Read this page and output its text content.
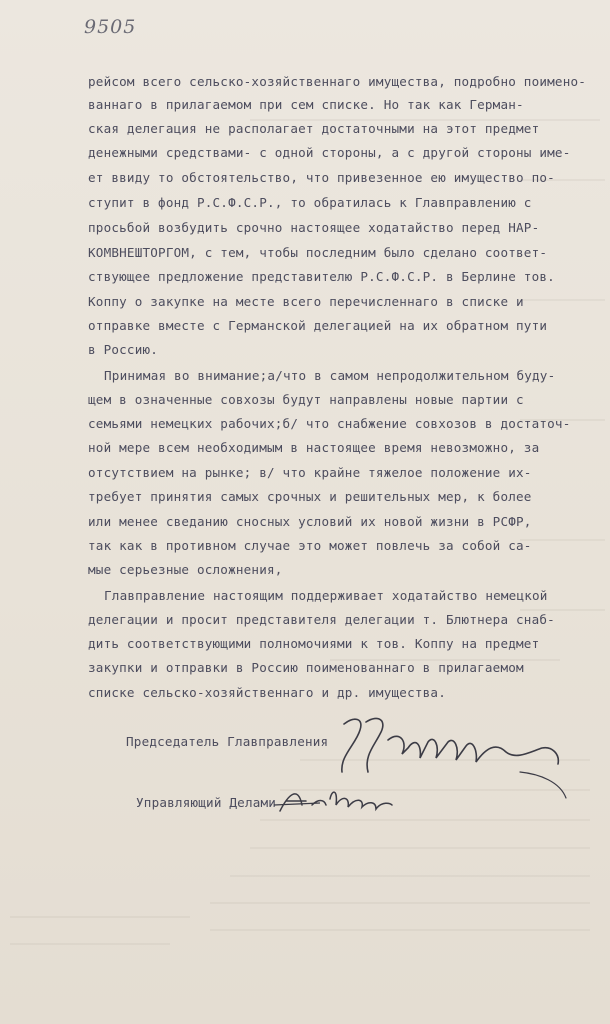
9505
рейсом всего сельско-хозяйственнаго имущества, подробно поимено-
ваннаго в прилагаемом при сем списке. Но так как Герман-
ская делегация не располагает достаточными на этот предмет
денежными средствами- с одной стороны, а с другой стороны име-
ет ввиду то обстоятельство, что привезенное ею имущество по-
ступит в фонд Р.С.Ф.С.Р., то обратилась к Главправлению с
просьбой возбудить срочно настоящее ходатайство перед НАР-
КОМВНЕШТОРГОМ, с тем, чтобы последним было сделано соответ-
ствующее предложение представителю Р.С.Ф.С.Р. в Берлине тов.
Коппу о закупке на месте всего перечисленнаго в списке и
отправке вместе с Германской делегацией на их обратном пути
в Россию.
Принимая во внимание;а/что в самом непродолжительном буду-
щем в означенные совхозы будут направлены новые партии с
семьями немецких рабочих;б/ что снабжение совхозов в достаточ-
ной мере всем необходимым в настоящее время невозможно, за
отсутствием на рынке; в/ что крайне тяжелое положение их-
требует принятия самых срочных и решительных мер, к более
или менее сведанию сносных условий их новой жизни в РСФР,
так как в противном случае это может повлечь за собой са-
мые серьезные осложнения,
Главправление настоящим поддерживает ходатайство немецкой
делегации и просит представителя делегации т. Блютнера снаб-
дить соответствующими полномочиями к тов. Коппу на предмет
закупки и отправки в Россию поименованнаго в прилагаемом
списке сельско-хозяйственнаго и др. имущества.
Председатель Главправления
Управляющий Делами
